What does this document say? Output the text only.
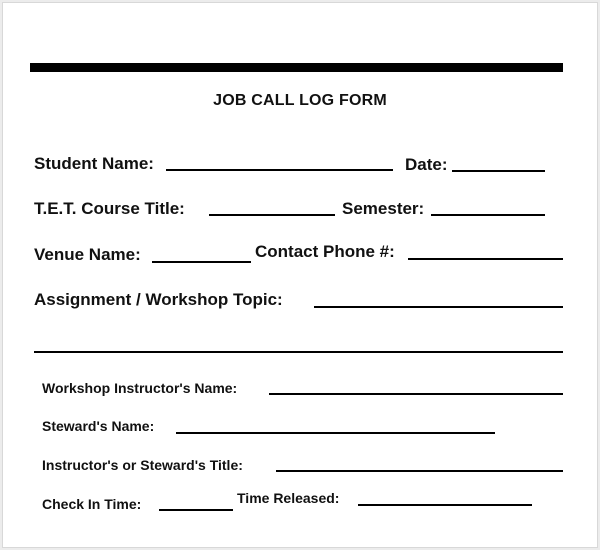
JOB CALL LOG FORM
Student Name:	Date:
T.E.T. Course Title:	Semester:
Venue Name:	Contact Phone #:
Assignment / Workshop Topic:
Workshop Instructor's Name:
Steward's Name:
Instructor's or Steward's Title:
Check In Time:	Time Released:
